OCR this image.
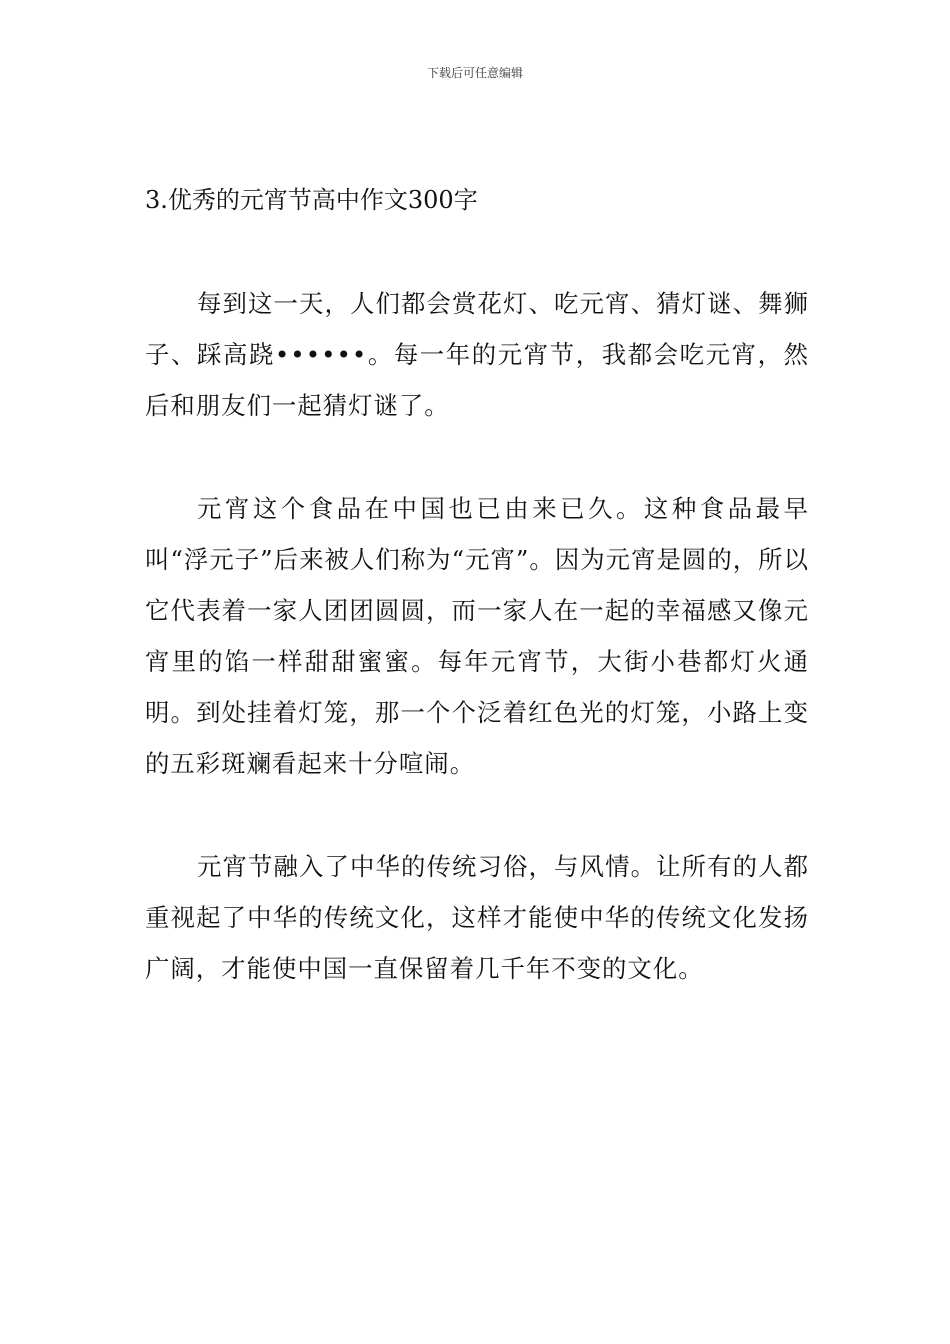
下载后可任意编辑
3.优秀的元宵节高中作文300字

每到这一天，人们都会赏花灯、吃元宵、猜灯谜、舞狮子、踩高跷••••••。每一年的元宵节，我都会吃元宵，然后和朋友们一起猜灯谜了。

元宵这个食品在中国也已由来已久。这种食品最早叫“浮元子”后来被人们称为“元宵”。因为元宵是圆的，所以它代表着一家人团团圆圆，而一家人在一起的幸福感又像元宵里的馅一样甜甜蜜蜜。每年元宵节，大街小巷都灯火通明。到处挂着灯笼，那一个个泛着红色光的灯笼，小路上变的五彩斑斓看起来十分喧闹。

元宵节融入了中华的传统习俗，与风情。让所有的人都重视起了中华的传统文化，这样才能使中华的传统文化发扬广阔，才能使中国一直保留着几千年不变的文化。
